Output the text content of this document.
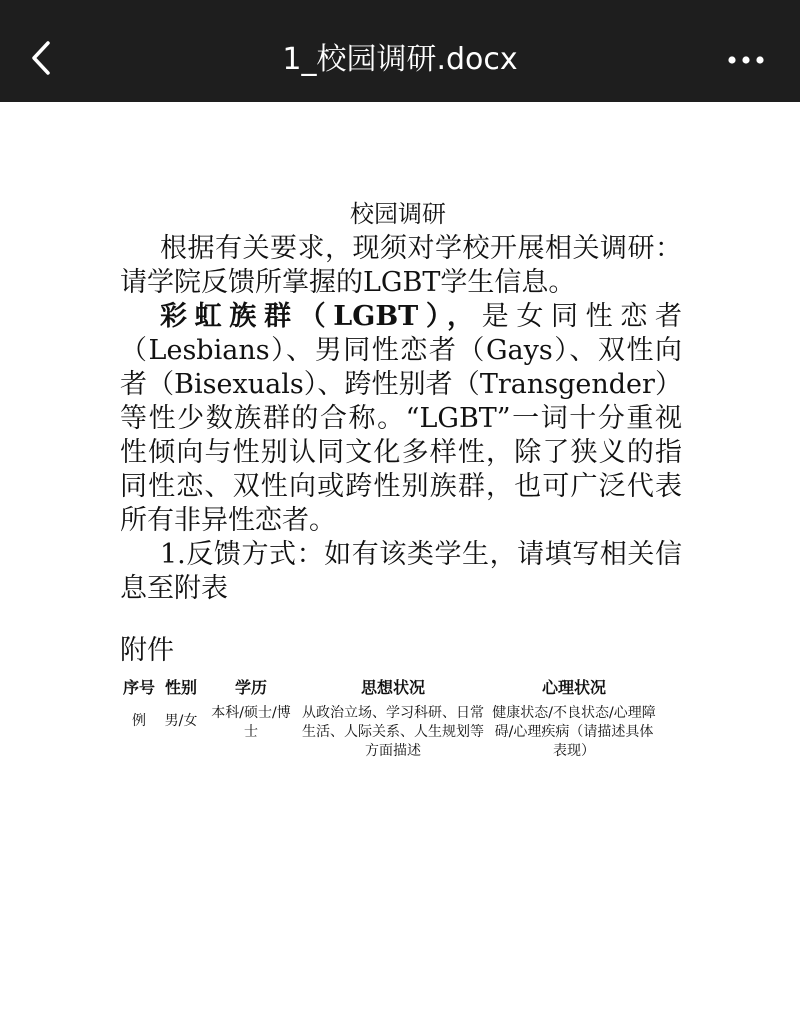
1_校园调研.docx
校园调研

根据有关要求，现须对学校开展相关调研：请学院反馈所掌握的LGBT学生信息。

彩虹族群（LGBT），是女同性恋者（Lesbians）、男同性恋者（Gays）、双性向者（Bisexuals）、跨性别者（Transgender）等性少数族群的合称。“LGBT”一词十分重视性倾向与性别认同文化多样性，除了狭义的指同性恋、双性向或跨性别族群，也可广泛代表所有非异性恋者。

1.反馈方式：如有该类学生，请填写相关信息至附表

附件
序号	性别	学历	思想状况	心理状况
例	男/女	本科/硕士/博士	从政治立场、学习科研、日常生活、人际关系、人生规划等方面描述	健康状态/不良状态/心理障碍/心理疾病（请描述具体表现）
